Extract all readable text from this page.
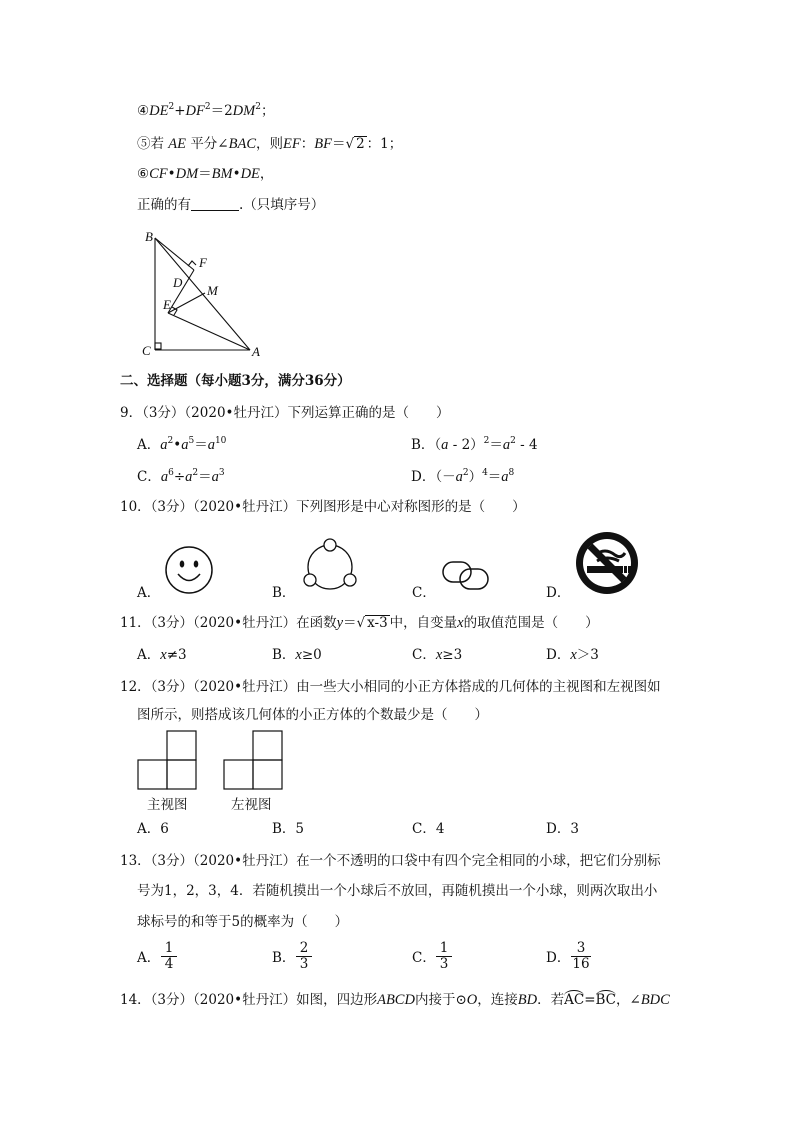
$④DE^2+DF^2=2DM^2$；
⑤若 AE 平分∠BAC，则EF：BF＝√ 2 ：1；
⑥CF•DM＝BM•DE，
正确的有	.（只填序号）
B
F
D
M
E
C	A
二、选择题（每小题3分，满分36分）
9．（3分）（2020•牡丹江）下列运算正确的是（　　）
A．$a^2•a^5=a^{10}$	B．$(a - 2)^2=a^2 - 4$
C．$a^6\div a^2=a^3$	D．$(-a^2)^4=a^8$
10．（3分）（2020•牡丹江）下列图形是中心对称图形的是（　　）
A．	B．	C．	D．
11．（3分）（2020•牡丹江）在函数y＝√ x-3 中，自变量x的取值范围是（　　）
A．x≠3	B．x≥0	C．x≥3	D．x＞3
12．（3分）（2020•牡丹江）由一些大小相同的小正方体搭成的几何体的主视图和左视图如
图所示，则搭成该几何体的小正方体的个数最少是（　　）
主视图	左视图
A．6	B．5	C．4	D．3
13．（3分）（2020•牡丹江）在一个不透明的口袋中有四个完全相同的小球，把它们分别标
号为1，2，3，4．若随机摸出一个小球后不放回，再随机摸出一个小球，则两次取出小
球标号的和等于5的概率为（　　）
A． $\frac{1}{4}$	B． $\frac{2}{3}$	C． $\frac{1}{3}$	D． $\frac{3}{16}$
14．（3分）（2020•牡丹江）如图，四边形ABCD内接于⊙O，连接BD．若AC=BC，∠BDC
